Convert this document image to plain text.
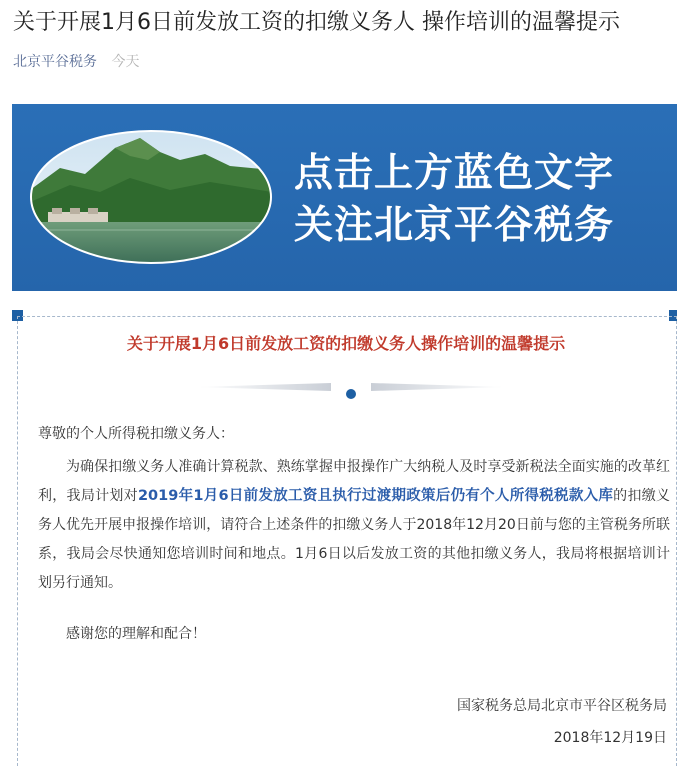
关于开展1月6日前发放工资的扣缴义务人 操作培训的温馨提示
北京平谷税务 今天
点击上方蓝色文字
关注北京平谷税务
关于开展1月6日前发放工资的扣缴义务人操作培训的温馨提示

尊敬的个人所得税扣缴义务人：

为确保扣缴义务人准确计算税款、熟练掌握申报操作广大纳税人及时享受新税法全面实施的改革红利，我局计划对2019年1月6日前发放工资且执行过渡期政策后仍有个人所得税税款入库的扣缴义务人优先开展申报操作培训，请符合上述条件的扣缴义务人于2018年12月20日前与您的主管税务所联系，我局会尽快通知您培训时间和地点。1月6日以后发放工资的其他扣缴义务人，我局将根据培训计划另行通知。

感谢您的理解和配合！

国家税务总局北京市平谷区税务局
2018年12月19日
